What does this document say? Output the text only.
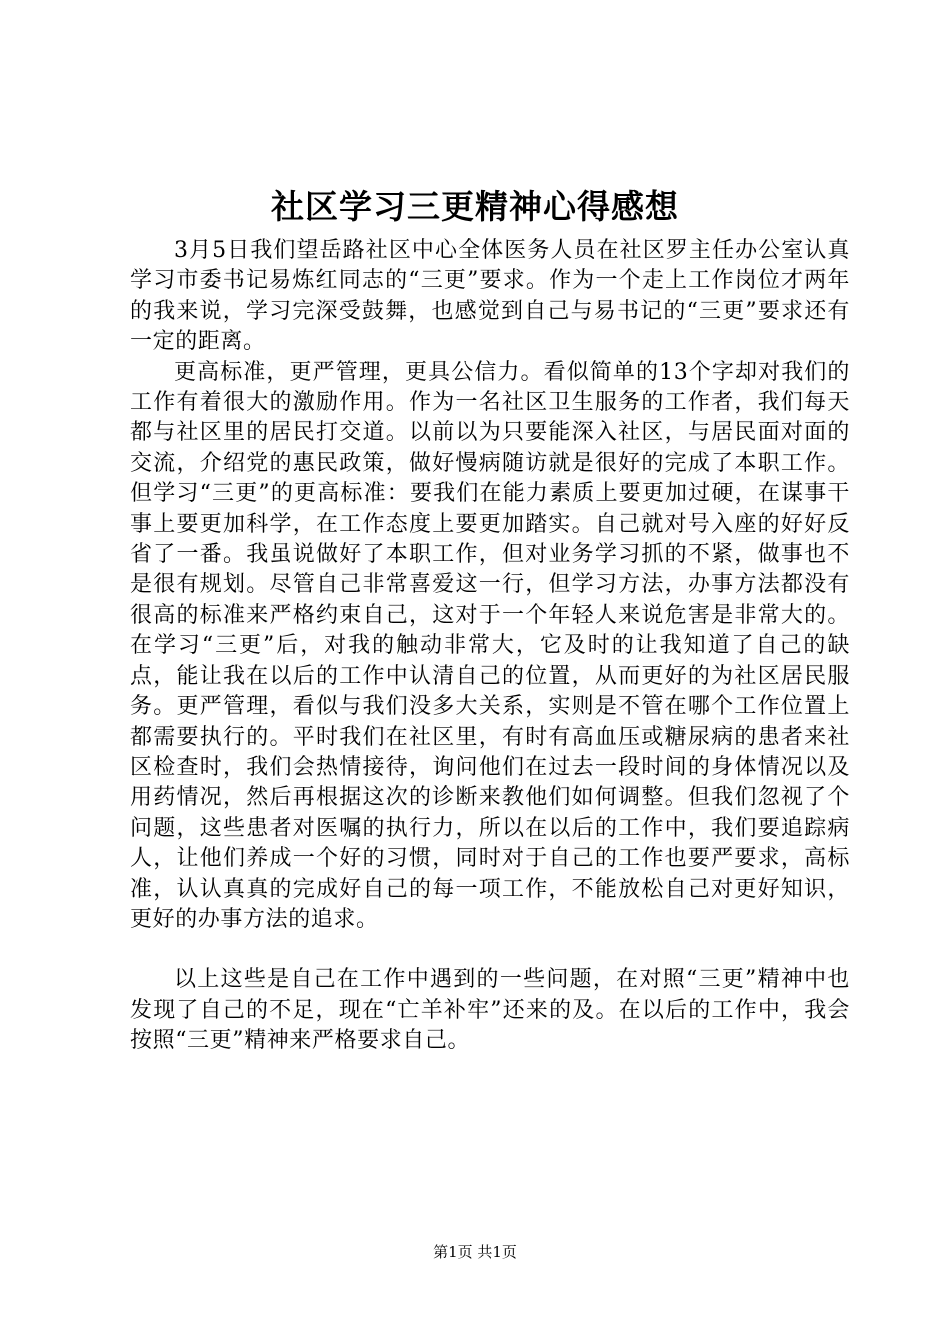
社区学习三更精神心得感想

3月5日我们望岳路社区中心全体医务人员在社区罗主任办公室认真学习市委书记易炼红同志的“三更”要求。作为一个走上工作岗位才两年的我来说，学习完深受鼓舞，也感觉到自己与易书记的“三更”要求还有一定的距离。

更高标准，更严管理，更具公信力。看似简单的13个字却对我们的工作有着很大的激励作用。作为一名社区卫生服务的工作者，我们每天都与社区里的居民打交道。以前以为只要能深入社区，与居民面对面的交流，介绍党的惠民政策，做好慢病随访就是很好的完成了本职工作。但学习“三更”的更高标准：要我们在能力素质上要更加过硬，在谋事干事上要更加科学，在工作态度上要更加踏实。自己就对号入座的好好反省了一番。我虽说做好了本职工作，但对业务学习抓的不紧，做事也不是很有规划。尽管自己非常喜爱这一行，但学习方法，办事方法都没有很高的标准来严格约束自己，这对于一个年轻人来说危害是非常大的。在学习“三更”后，对我的触动非常大，它及时的让我知道了自己的缺点，能让我在以后的工作中认清自己的位置，从而更好的为社区居民服务。更严管理，看似与我们没多大关系，实则是不管在哪个工作位置上都需要执行的。平时我们在社区里，有时有高血压或糖尿病的患者来社区检查时，我们会热情接待，询问他们在过去一段时间的身体情况以及用药情况，然后再根据这次的诊断来教他们如何调整。但我们忽视了个问题，这些患者对医嘱的执行力，所以在以后的工作中，我们要追踪病人，让他们养成一个好的习惯，同时对于自己的工作也要严要求，高标准，认认真真的完成好自己的每一项工作，不能放松自己对更好知识，更好的办事方法的追求。

以上这些是自己在工作中遇到的一些问题，在对照“三更”精神中也发现了自己的不足，现在“亡羊补牢”还来的及。在以后的工作中，我会按照“三更”精神来严格要求自己。

第1页 共1页
